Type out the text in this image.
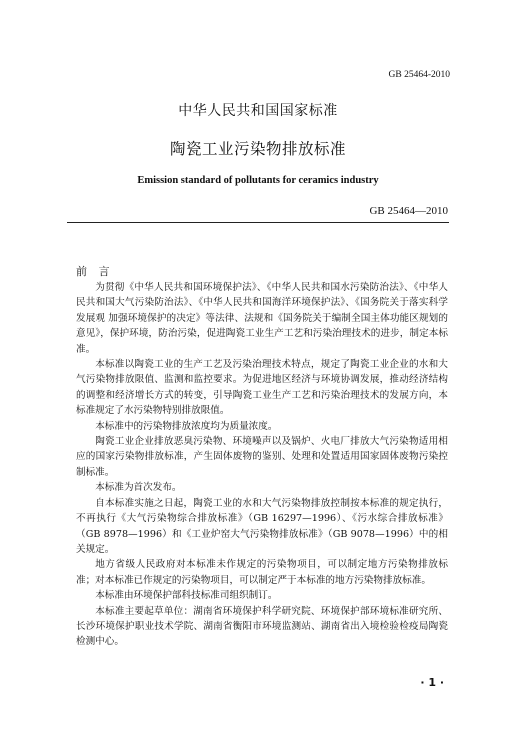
GB 25464-2010
中华人民共和国国家标准
陶瓷工业污染物排放标准
Emission standard of pollutants for ceramics industry
GB 25464—2010
前 言

为贯彻《中华人民共和国环境保护法》、《中华人民共和国水污染防治法》、《中华人民共和国大气污染防治法》、《中华人民共和国海洋环境保护法》、《国务院关于落实科学发展观 加强环境保护的决定》等法律、法规和《国务院关于编制全国主体功能区规划的意见》，保护环境，防治污染，促进陶瓷工业生产工艺和污染治理技术的进步，制定本标准。

本标准以陶瓷工业的生产工艺及污染治理技术特点，规定了陶瓷工业企业的水和大气污染物排放限值、监测和监控要求。为促进地区经济与环境协调发展，推动经济结构的调整和经济增长方式的转变，引导陶瓷工业生产工艺和污染治理技术的发展方向，本标准规定了水污染物特别排放限值。

本标准中的污染物排放浓度均为质量浓度。

陶瓷工业企业排放恶臭污染物、环境噪声以及锅炉、火电厂排放大气污染物适用相应的国家污染物排放标准，产生固体废物的鉴别、处理和处置适用国家固体废物污染控制标准。

本标准为首次发布。

自本标准实施之日起，陶瓷工业的水和大气污染物排放控制按本标准的规定执行，不再执行《大气污染物综合排放标准》（GB 16297—1996）、《污水综合排放标准》（GB 8978—1996）和《工业炉窑大气污染物排放标准》（GB 9078—1996）中的相关规定。

地方省级人民政府对本标准未作规定的污染物项目，可以制定地方污染物排放标准；对本标准已作规定的污染物项目，可以制定严于本标准的地方污染物排放标准。

本标准由环境保护部科技标准司组织制订。

本标准主要起草单位：湖南省环境保护科学研究院、环境保护部环境标准研究所、长沙环境保护职业技术学院、湖南省衡阳市环境监测站、湖南省出入境检验检疫局陶瓷检测中心。

· 1 ·
